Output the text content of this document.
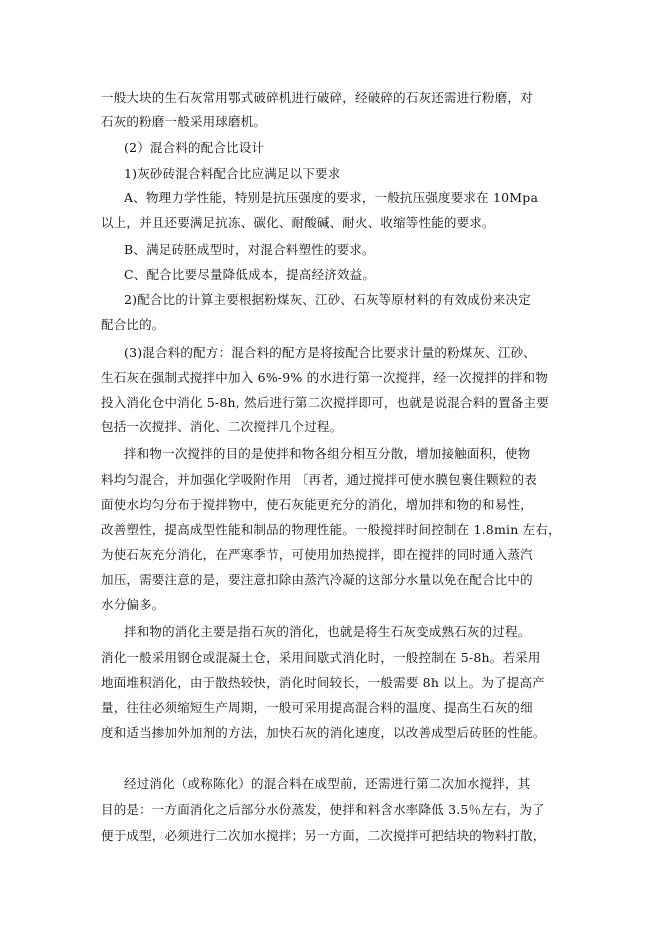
一般大块的生石灰常用鄂式破碎机进行破碎，经破碎的石灰还需进行粉磨，对
石灰的粉磨一般采用球磨机。
(2）混合料的配合比设计
1)灰砂砖混合料配合比应满足以下要求
A、物理力学性能，特别是抗压强度的要求，一般抗压强度要求在 10Mpa
以上，并且还要满足抗冻、碳化、耐酸碱、耐火、收缩等性能的要求。
B、满足砖胚成型时，对混合料塑性的要求。
C、配合比要尽量降低成本，提高经济效益。
2)配合比的计算主要根据粉煤灰、江砂、石灰等原材料的有效成份来决定
配合比的。
(3)混合料的配方：混合料的配方是将按配合比要求计量的粉煤灰、江砂、
生石灰在强制式搅拌中加入 6%-9% 的水进行第一次搅拌，经一次搅拌的拌和物
投入消化仓中消化 5-8h, 然后进行第二次搅拌即可，也就是说混合料的置备主要
包括一次搅拌、消化、二次搅拌几个过程。
拌和物一次搅拌的目的是使拌和物各组分相互分散，增加接触面积，使物
料均匀混合，并加强化学吸附作用 〔再者，通过搅拌可使水膜包裹住颗粒的表
面使水均匀分布于搅拌物中，使石灰能更充分的消化，增加拌和物的和易性，
改善塑性，提高成型性能和制品的物理性能。一般搅拌时间控制在 1.8min 左右，
为使石灰充分消化，在严寒季节，可使用加热搅拌，即在搅拌的同时通入蒸汽
加压，需要注意的是，要注意扣除由蒸汽冷凝的这部分水量以免在配合比中的
水分偏多。
拌和物的消化主要是指石灰的消化，也就是将生石灰变成熟石灰的过程。
消化一般采用钢仓或混凝土仓，采用间歇式消化时，一般控制在 5-8h。若采用
地面堆积消化，由于散热较快，消化时间较长，一般需要 8h 以上。为了提高产
量，往往必须缩短生产周期，一般可采用提高混合料的温度、提高生石灰的细
度和适当掺加外加剂的方法，加快石灰的消化速度，以改善成型后砖胚的性能。
经过消化（或称陈化）的混合料在成型前，还需进行第二次加水搅拌，其
目的是：一方面消化之后部分水份蒸发，使拌和料含水率降低 3.5％左右，为了
便于成型，必须进行二次加水搅拌；另一方面，二次搅拌可把结块的物料打散，
